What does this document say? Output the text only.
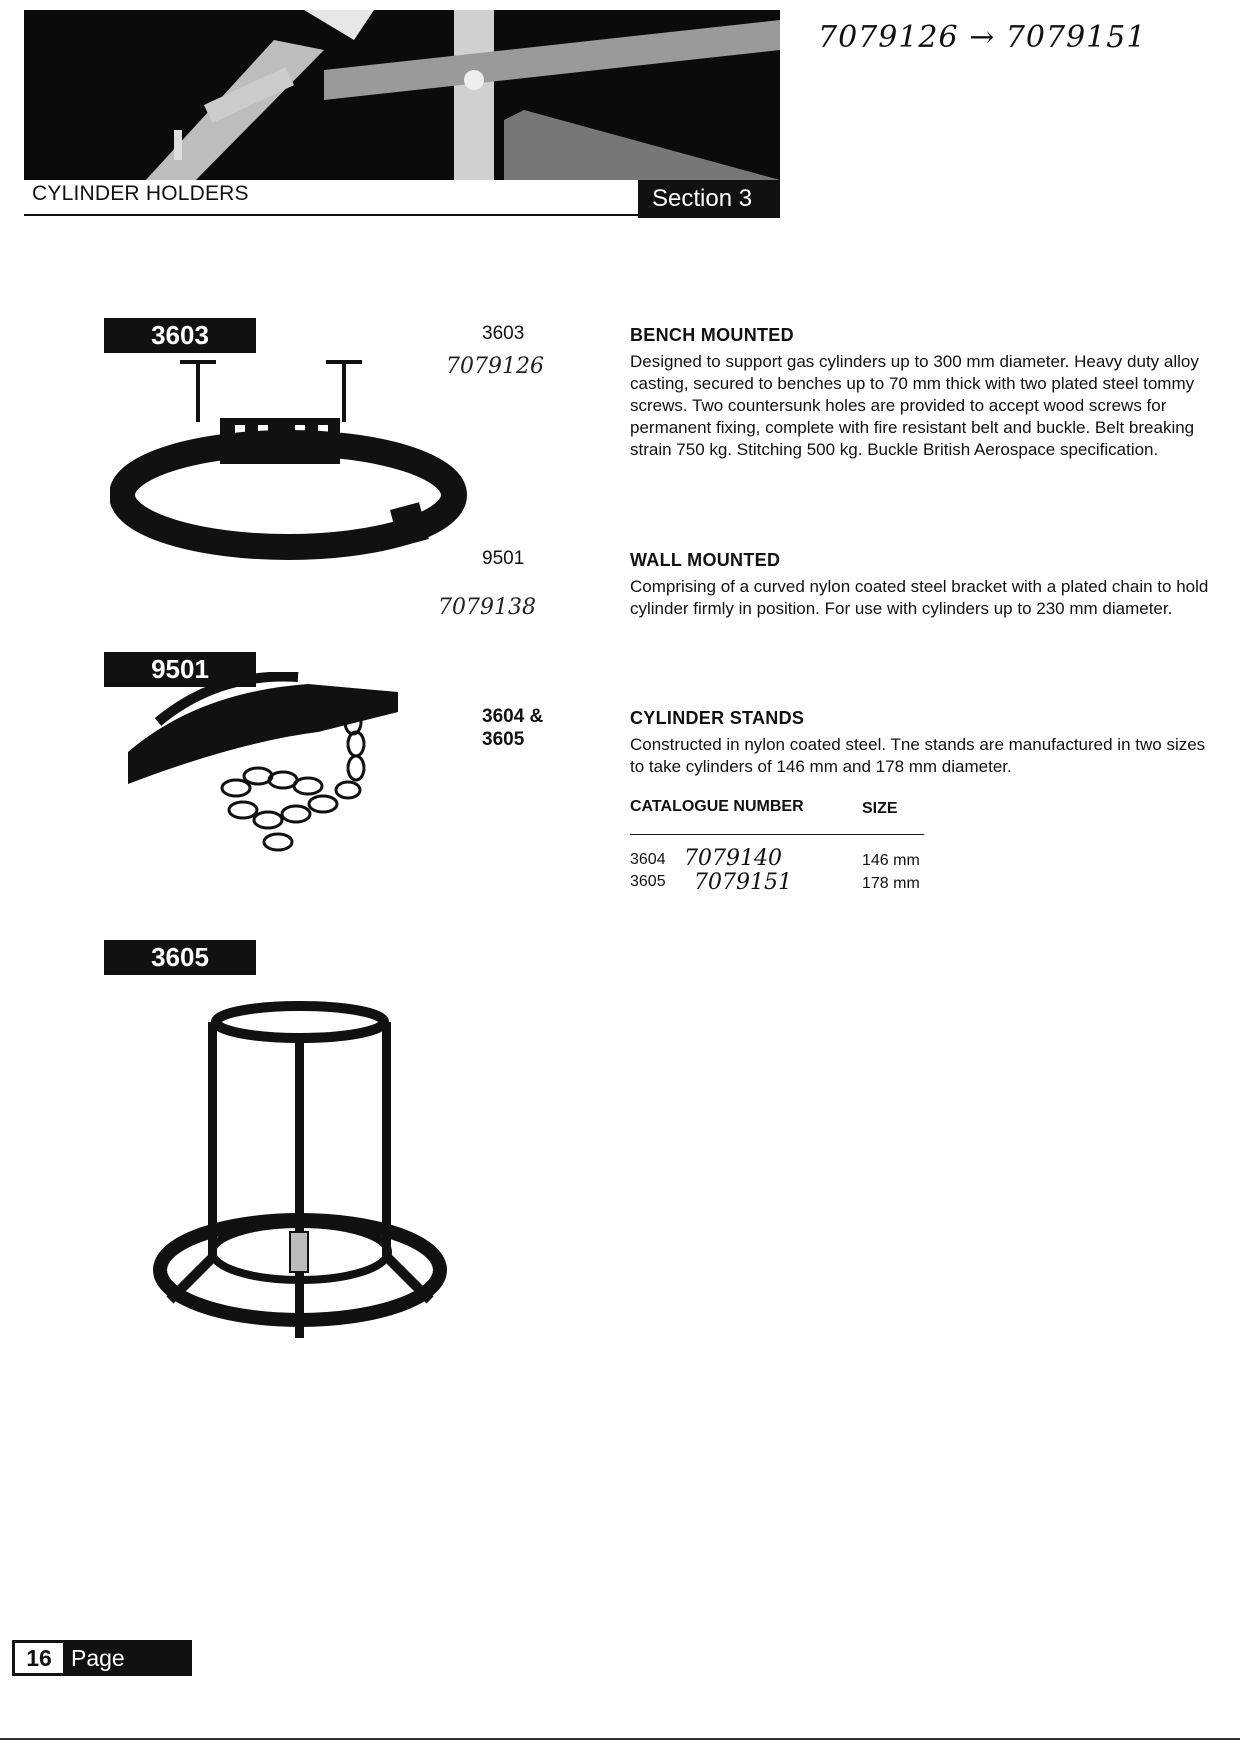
CYLINDER HOLDERS	Section 3
7079126 → 7079151
3603
9501
3605
3603
7079126
BENCH MOUNTED
Designed to support gas cylinders up to 300 mm diameter. Heavy duty alloy casting, secured to benches up to 70 mm thick with two plated steel tommy screws. Two countersunk holes are provided to accept wood screws for permanent fixing, complete with fire resistant belt and buckle. Belt breaking strain 750 kg. Stitching 500 kg. Buckle British Aerospace specification.
9501
7079138
WALL MOUNTED
Comprising of a curved nylon coated steel bracket with a plated chain to hold cylinder firmly in position. For use with cylinders up to 230 mm diameter.
3604 &
3605
CYLINDER STANDS
Constructed in nylon coated steel. Tne stands are manufactured in two sizes to take cylinders of 146 mm and 178 mm diameter.
CATALOGUE NUMBER	SIZE
3604 7079140	146 mm
3605 7079151	178 mm
16 Page
